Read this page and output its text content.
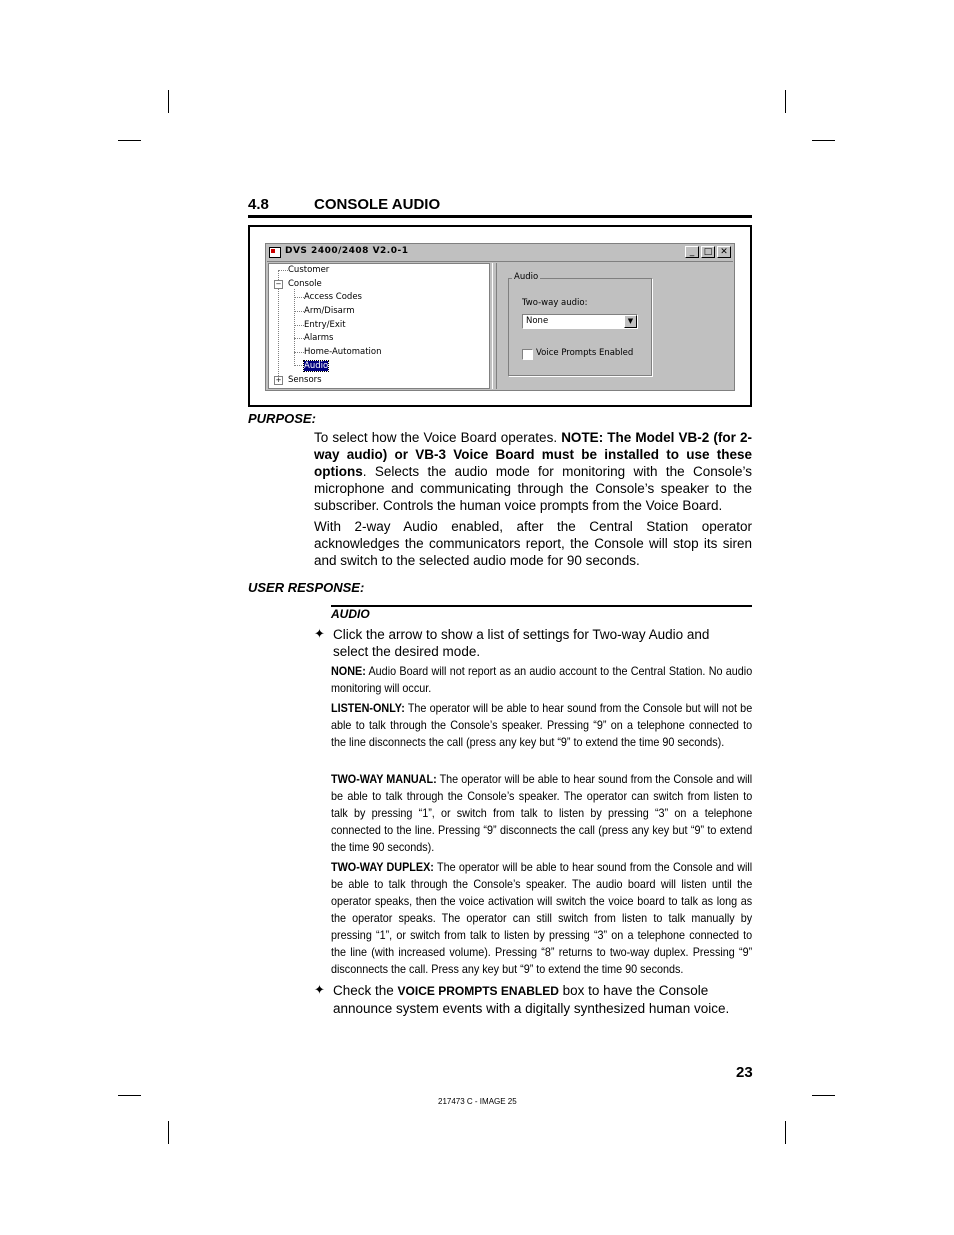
4.8	CONSOLE AUDIO
DVS 2400/2408 V2.0-1	_	□ ✕
Customer
− Console
Access Codes
Arm/Disarm
Entry/Exit
Alarms
Home-Automation
Audio
+ Sensors
Audio
Two-way audio:
None	▼
Voice Prompts Enabled
PURPOSE:
To select how the Voice Board operates. NOTE: The Model VB-2 (for 2-way audio) or VB-3 Voice Board must be installed to use these options. Selects the audio mode for monitoring with the Console’s microphone and communicating through the Console’s speaker to the subscriber. Controls the human voice prompts from the Voice Board.
With 2-way Audio enabled, after the Central Station operator acknowledges the communicators report, the Console will stop its siren and switch to the selected audio mode for 90 seconds.
USER RESPONSE:
AUDIO
✦ Click the arrow to show a list of settings for Two-way Audio and select the desired mode.
NONE: Audio Board will not report as an audio account to the Central Station. No audio monitoring will occur.
LISTEN-ONLY: The operator will be able to hear sound from the Console but will not be able to talk through the Console’s speaker. Pressing “9” on a telephone connected to the line disconnects the call (press any key but “9” to extend the time 90 seconds).
TWO-WAY MANUAL: The operator will be able to hear sound from the Console and will be able to talk through the Console’s speaker. The operator can switch from listen to talk by pressing “1”, or switch from talk to listen by pressing “3” on a telephone connected to the line. Pressing “9” disconnects the call (press any key but “9” to extend the time 90 seconds).
TWO-WAY DUPLEX: The operator will be able to hear sound from the Console and will be able to talk through the Console’s speaker. The audio board will listen until the operator speaks, then the voice activation will switch the voice board to talk as long as the operator speaks. The operator can still switch from listen to talk manually by pressing “1”, or switch from talk to listen by pressing “3” on a telephone connected to the line (with increased volume). Pressing “8” returns to two-way duplex. Pressing “9” disconnects the call. Press any key but “9” to extend the time 90 seconds.
✦ Check the VOICE PROMPTS ENABLED box to have the Console announce system events with a digitally synthesized human voice.
23
217473 C - IMAGE 25
